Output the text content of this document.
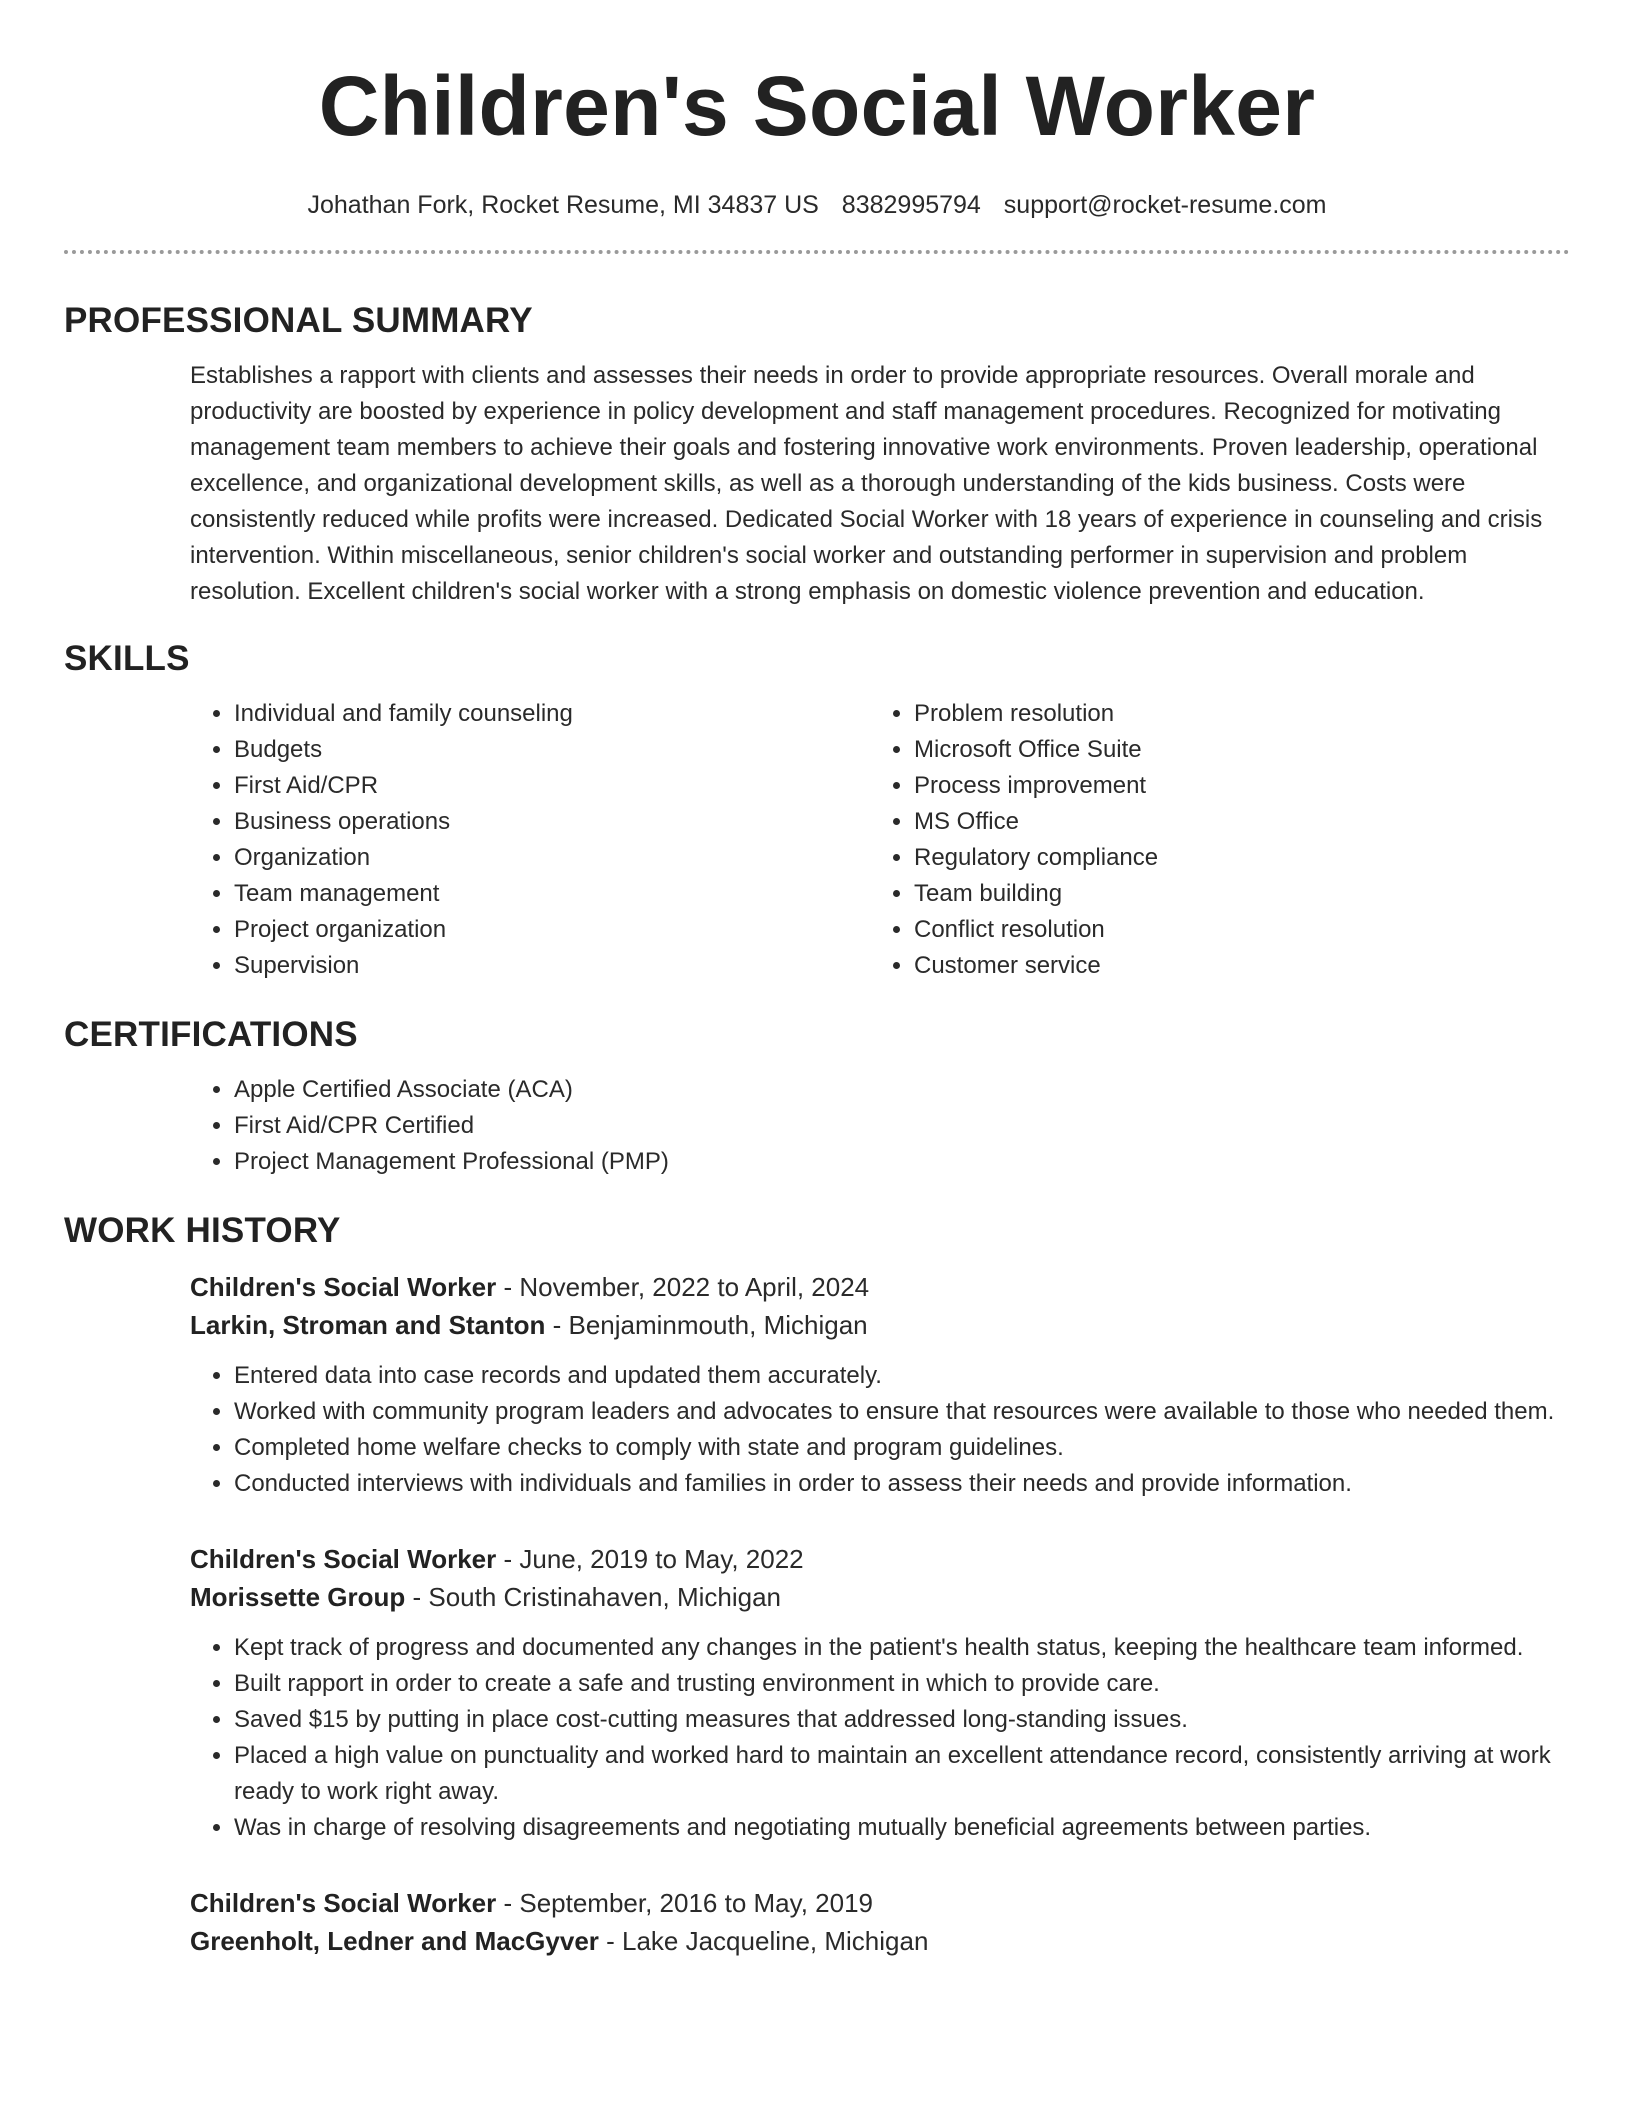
Children's Social Worker
Johathan Fork, Rocket Resume, MI 34837 US 8382995794 support@rocket-resume.com
PROFESSIONAL SUMMARY

Establishes a rapport with clients and assesses their needs in order to provide appropriate resources. Overall morale and productivity are boosted by experience in policy development and staff management procedures. Recognized for motivating management team members to achieve their goals and fostering innovative work environments. Proven leadership, operational excellence, and organizational development skills, as well as a thorough understanding of the kids business. Costs were consistently reduced while profits were increased. Dedicated Social Worker with 18 years of experience in counseling and crisis intervention. Within miscellaneous, senior children's social worker and outstanding performer in supervision and problem resolution. Excellent children's social worker with a strong emphasis on domestic violence prevention and education.

SKILLS
• Individual and family counseling
• Budgets
• First Aid/CPR
• Business operations
• Organization
• Team management
• Project organization
• Supervision
• Problem resolution
• Microsoft Office Suite
• Process improvement
• MS Office
• Regulatory compliance
• Team building
• Conflict resolution
• Customer service
CERTIFICATIONS
• Apple Certified Associate (ACA)
• First Aid/CPR Certified
• Project Management Professional (PMP)
WORK HISTORY
Children's Social Worker - November, 2022 to April, 2024
Larkin, Stroman and Stanton - Benjaminmouth, Michigan
• Entered data into case records and updated them accurately.
• Worked with community program leaders and advocates to ensure that resources were available to those who needed them.
• Completed home welfare checks to comply with state and program guidelines.
• Conducted interviews with individuals and families in order to assess their needs and provide information.
Children's Social Worker - June, 2019 to May, 2022
Morissette Group - South Cristinahaven, Michigan
• Kept track of progress and documented any changes in the patient's health status, keeping the healthcare team informed.
• Built rapport in order to create a safe and trusting environment in which to provide care.
• Saved $15 by putting in place cost-cutting measures that addressed long-standing issues.
• Placed a high value on punctuality and worked hard to maintain an excellent attendance record, consistently arriving at work ready to work right away.
• Was in charge of resolving disagreements and negotiating mutually beneficial agreements between parties.
Children's Social Worker - September, 2016 to May, 2019
Greenholt, Ledner and MacGyver - Lake Jacqueline, Michigan
